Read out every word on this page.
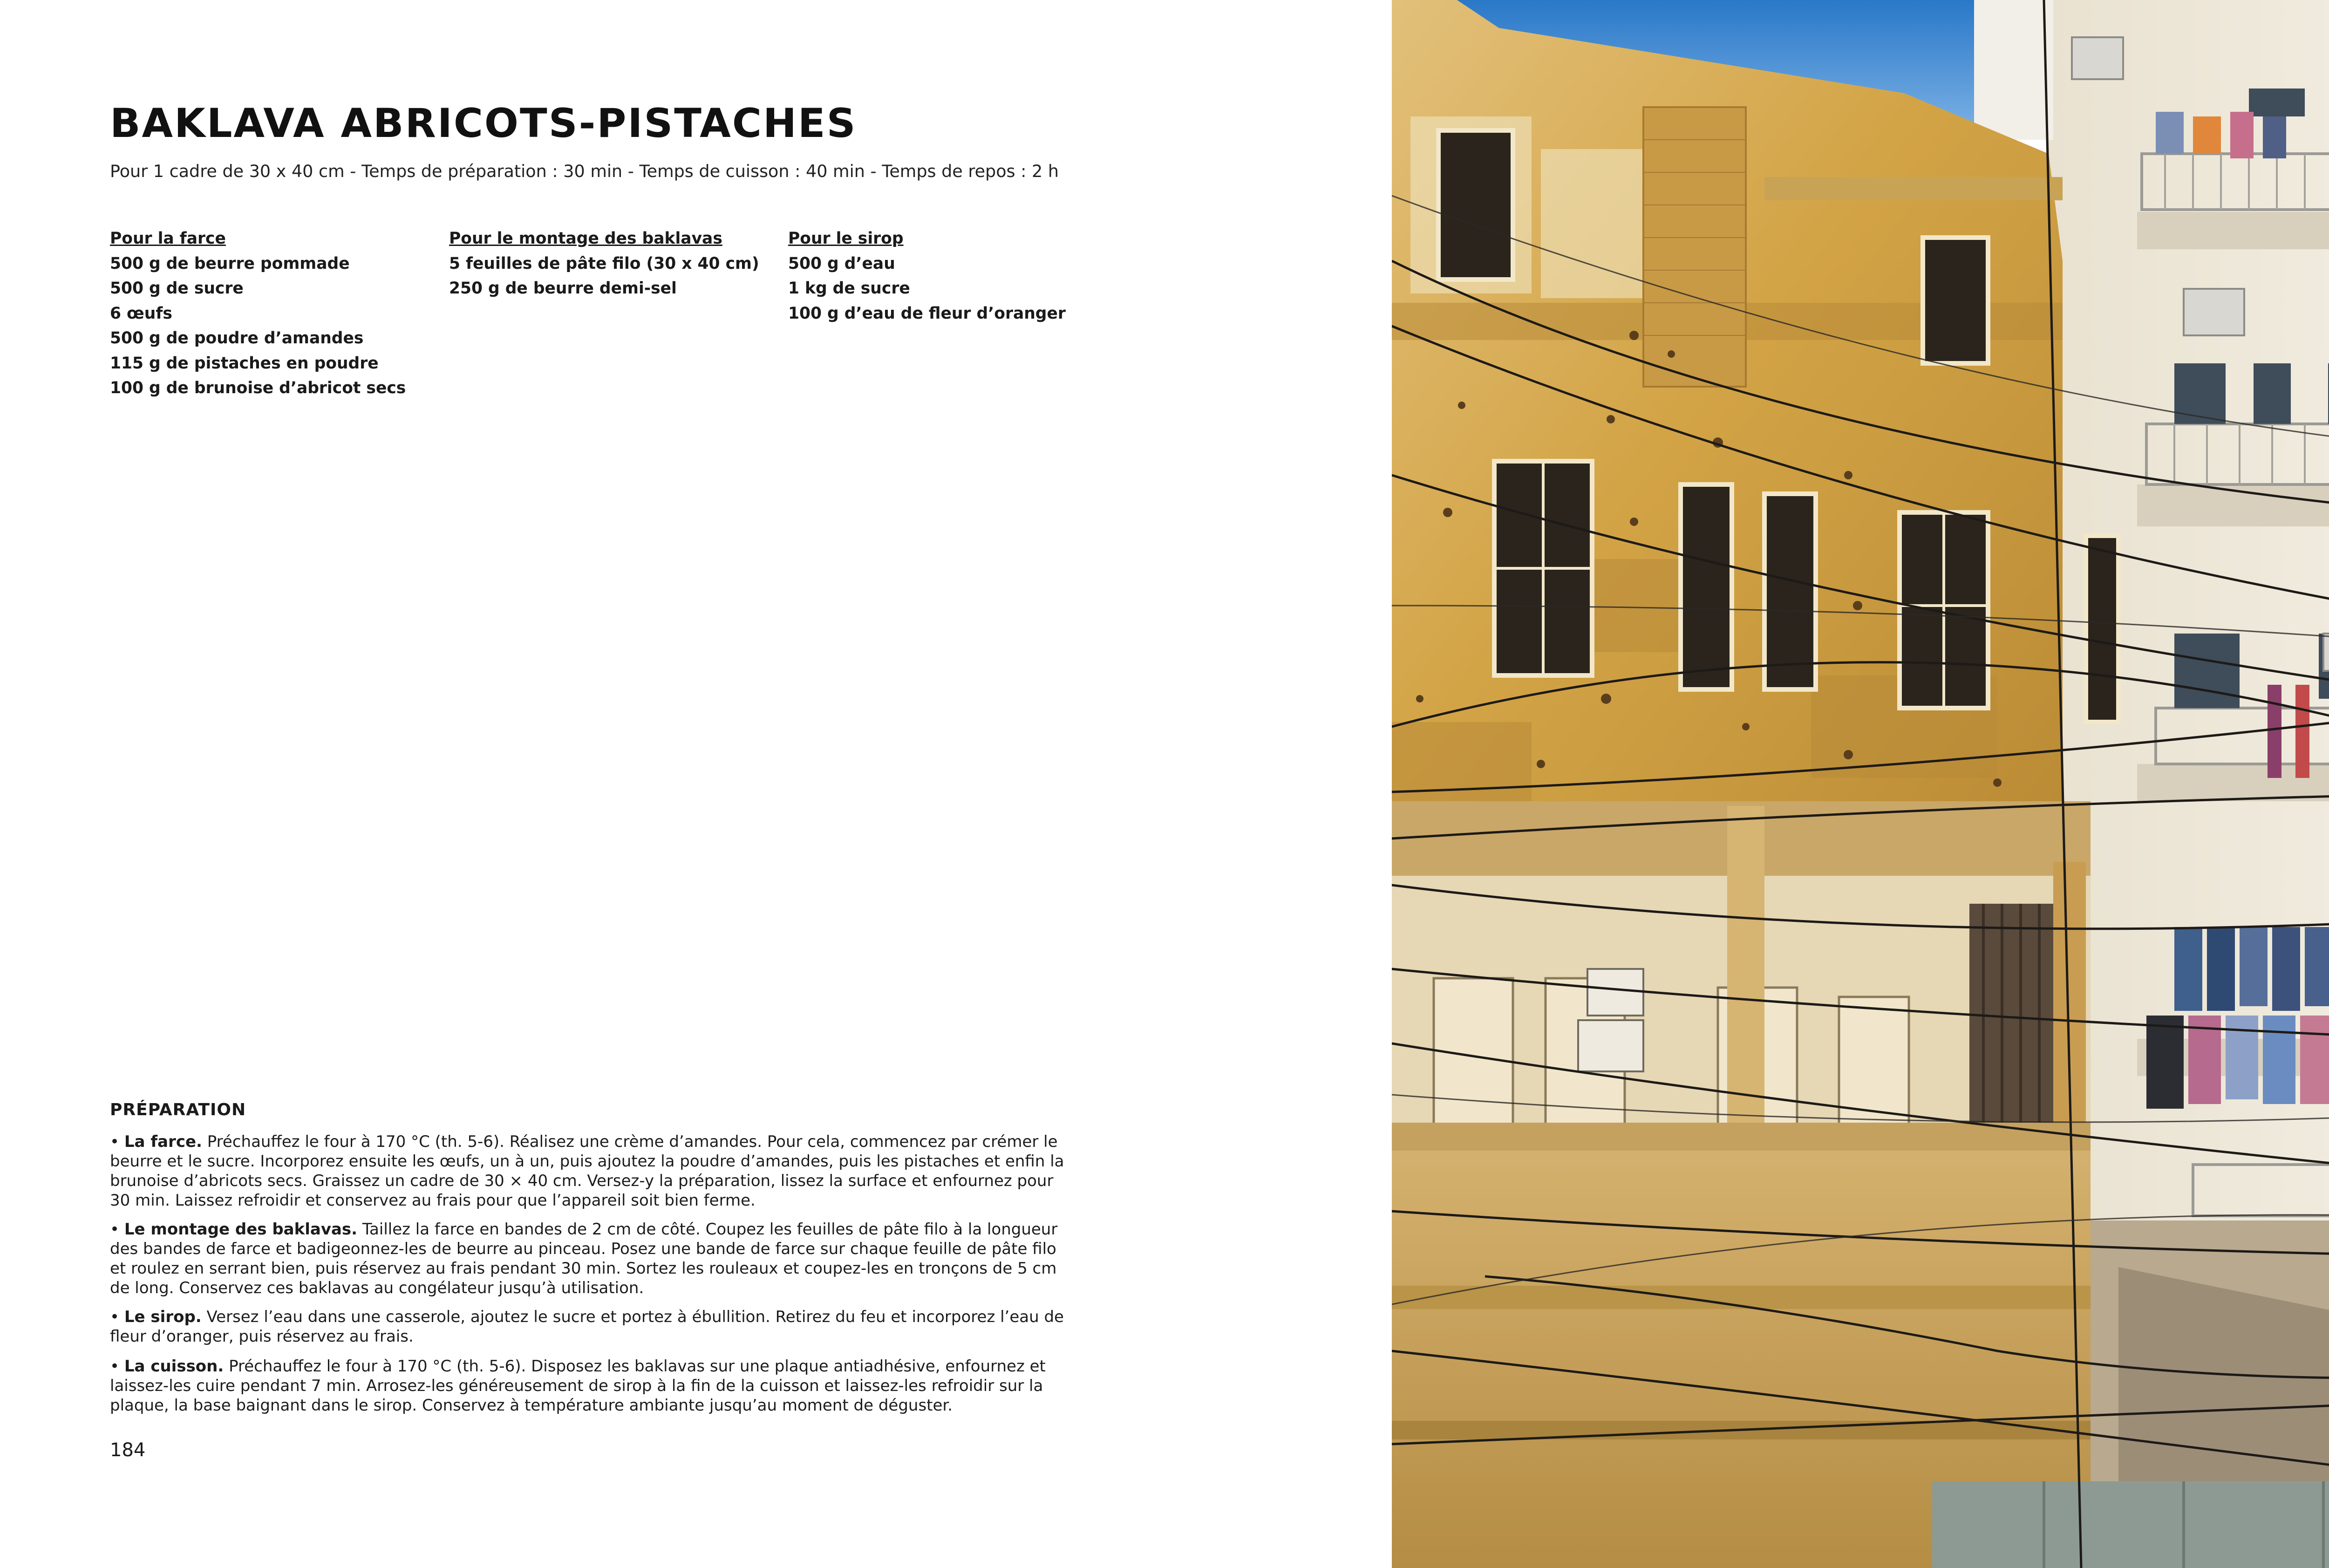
BAKLAVA ABRICOTS-PISTACHES

Pour 1 cadre de 30 x 40 cm - Temps de préparation : 30 min - Temps de cuisson : 40 min - Temps de repos : 2 h

Pour la farce
500 g de beurre pommade
500 g de sucre
6 œufs
500 g de poudre d’amandes
115 g de pistaches en poudre
100 g de brunoise d’abricot secs
Pour le montage des baklavas
5 feuilles de pâte filo (30 x 40 cm)
250 g de beurre demi-sel
Pour le sirop
500 g d’eau
1 kg de sucre
100 g d’eau de fleur d’oranger
PRÉPARATION

• La farce. Préchauffez le four à 170 °C (th. 5-6). Réalisez une crème d’amandes. Pour cela, commencez par crémer le beurre et le sucre. Incorporez ensuite les œufs, un à un, puis ajoutez la poudre d’amandes, puis les pistaches et enfin la brunoise d’abricots secs. Graissez un cadre de 30 × 40 cm. Versez-y la préparation, lissez la surface et enfournez pour 30 min. Laissez refroidir et conservez au frais pour que l’appareil soit bien ferme.

• Le montage des baklavas. Taillez la farce en bandes de 2 cm de côté. Coupez les feuilles de pâte filo à la longueur des bandes de farce et badigeonnez-les de beurre au pinceau. Posez une bande de farce sur chaque feuille de pâte filo et roulez en serrant bien, puis réservez au frais pendant 30 min. Sortez les rouleaux et coupez-les en tronçons de 5 cm de long. Conservez ces baklavas au congélateur jusqu’à utilisation.

• Le sirop. Versez l’eau dans une casserole, ajoutez le sucre et portez à ébullition. Retirez du feu et incorporez l’eau de fleur d’oranger, puis réservez au frais.

• La cuisson. Préchauffez le four à 170 °C (th. 5-6). Disposez les baklavas sur une plaque antiadhésive, enfournez et laissez-les cuire pendant 7 min. Arrosez-les généreusement de sirop à la fin de la cuisson et laissez-les refroidir sur la plaque, la base baignant dans le sirop. Conservez à température ambiante jusqu’au moment de déguster.

184
